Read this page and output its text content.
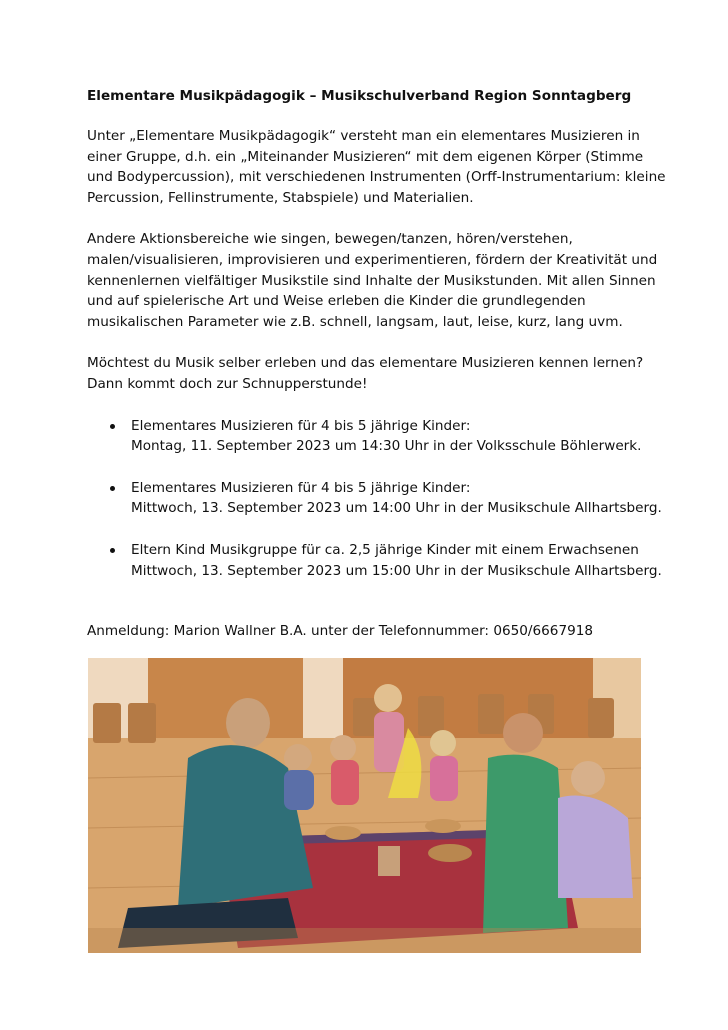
Elementare Musikpädagogik – Musikschulverband Region Sonntagberg

Unter „Elementare Musikpädagogik“ versteht man ein elementares Musizieren in
einer Gruppe, d.h. ein „Miteinander Musizieren“ mit dem eigenen Körper (Stimme
und Bodypercussion), mit verschiedenen Instrumenten (Orff-Instrumentarium: kleine
Percussion, Fellinstrumente, Stabspiele) und Materialien.

Andere Aktionsbereiche wie singen, bewegen/tanzen, hören/verstehen,
malen/visualisieren, improvisieren und experimentieren, fördern der Kreativität und
kennenlernen vielfältiger Musikstile sind Inhalte der Musikstunden. Mit allen Sinnen
und auf spielerische Art und Weise erleben die Kinder die grundlegenden
musikalischen Parameter wie z.B. schnell, langsam, laut, leise, kurz, lang uvm.

Möchtest du Musik selber erleben und das elementare Musizieren kennen lernen?
Dann kommt doch zur Schnupperstunde!

Elementares Musizieren für 4 bis 5 jährige Kinder:
Montag, 11. September 2023 um 14:30 Uhr in der Volksschule Böhlerwerk.
Elementares Musizieren für 4 bis 5 jährige Kinder:
Mittwoch, 13. September 2023 um 14:00 Uhr in der Musikschule Allhartsberg.
Eltern Kind Musikgruppe für ca. 2,5 jährige Kinder mit einem Erwachsenen
Mittwoch, 13. September 2023 um 15:00 Uhr in der Musikschule Allhartsberg.

Anmeldung: Marion Wallner B.A. unter der Telefonnummer: 0650/6667918
